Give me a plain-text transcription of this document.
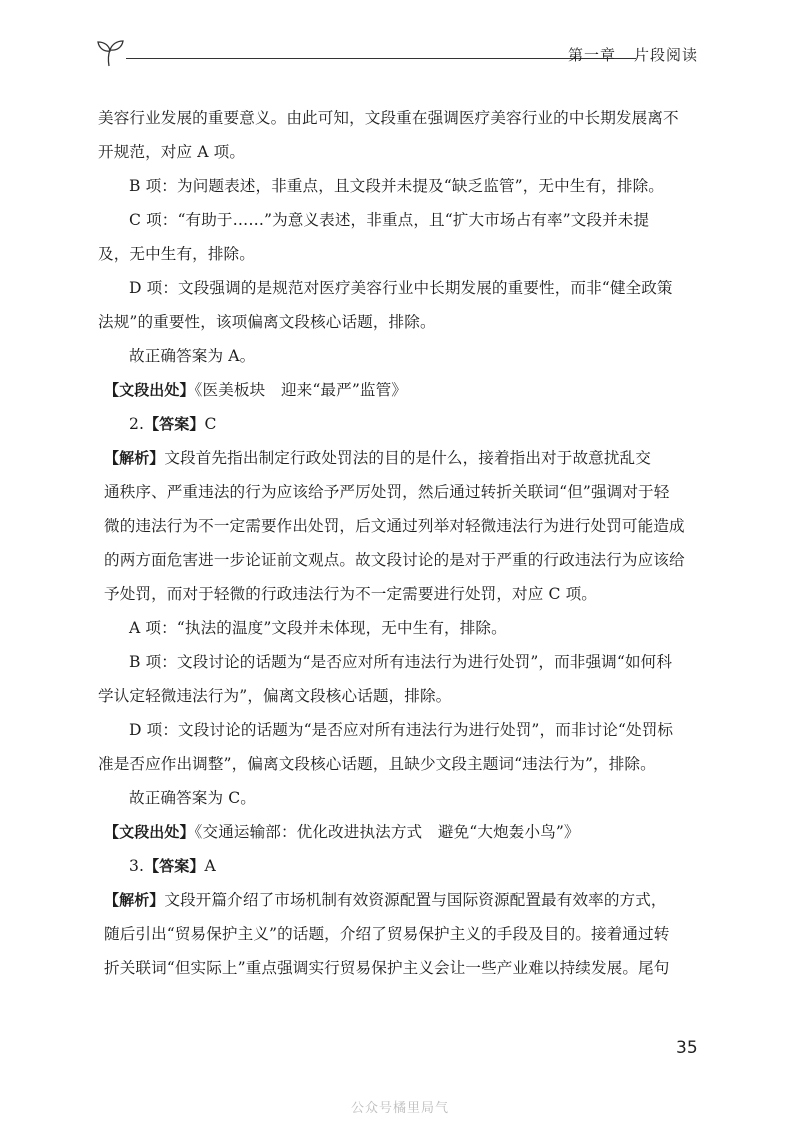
第一章 片段阅读

美容行业发展的重要意义。由此可知，文段重在强调医疗美容行业的中长期发展离不
开规范，对应 A 项。

B 项：为问题表述，非重点，且文段并未提及“缺乏监管”，无中生有，排除。

C 项：“有助于……”为意义表述，非重点，且“扩大市场占有率”文段并未提
及，无中生有，排除。

D 项：文段强调的是规范对医疗美容行业中长期发展的重要性，而非“健全政策
法规”的重要性，该项偏离文段核心话题，排除。

故正确答案为 A。

【文段出处】《医美板块　迎来“最严”监管》

2.【答案】C

【解析】文段首先指出制定行政处罚法的目的是什么，接着指出对于故意扰乱交
通秩序、严重违法的行为应该给予严厉处罚，然后通过转折关联词“但”强调对于轻
微的违法行为不一定需要作出处罚，后文通过列举对轻微违法行为进行处罚可能造成
的两方面危害进一步论证前文观点。故文段讨论的是对于严重的行政违法行为应该给
予处罚，而对于轻微的行政违法行为不一定需要进行处罚，对应 C 项。

A 项：“执法的温度”文段并未体现，无中生有，排除。

B 项：文段讨论的话题为“是否应对所有违法行为进行处罚”，而非强调“如何科
学认定轻微违法行为”，偏离文段核心话题，排除。

D 项：文段讨论的话题为“是否应对所有违法行为进行处罚”，而非讨论“处罚标
准是否应作出调整”，偏离文段核心话题，且缺少文段主题词“违法行为”，排除。

故正确答案为 C。

【文段出处】《交通运输部：优化改进执法方式　避免“大炮轰小鸟”》

3.【答案】A

【解析】文段开篇介绍了市场机制有效资源配置与国际资源配置最有效率的方式，
随后引出“贸易保护主义”的话题，介绍了贸易保护主义的手段及目的。接着通过转
折关联词“但实际上”重点强调实行贸易保护主义会让一些产业难以持续发展。尾句

35
公众号橘里局气
